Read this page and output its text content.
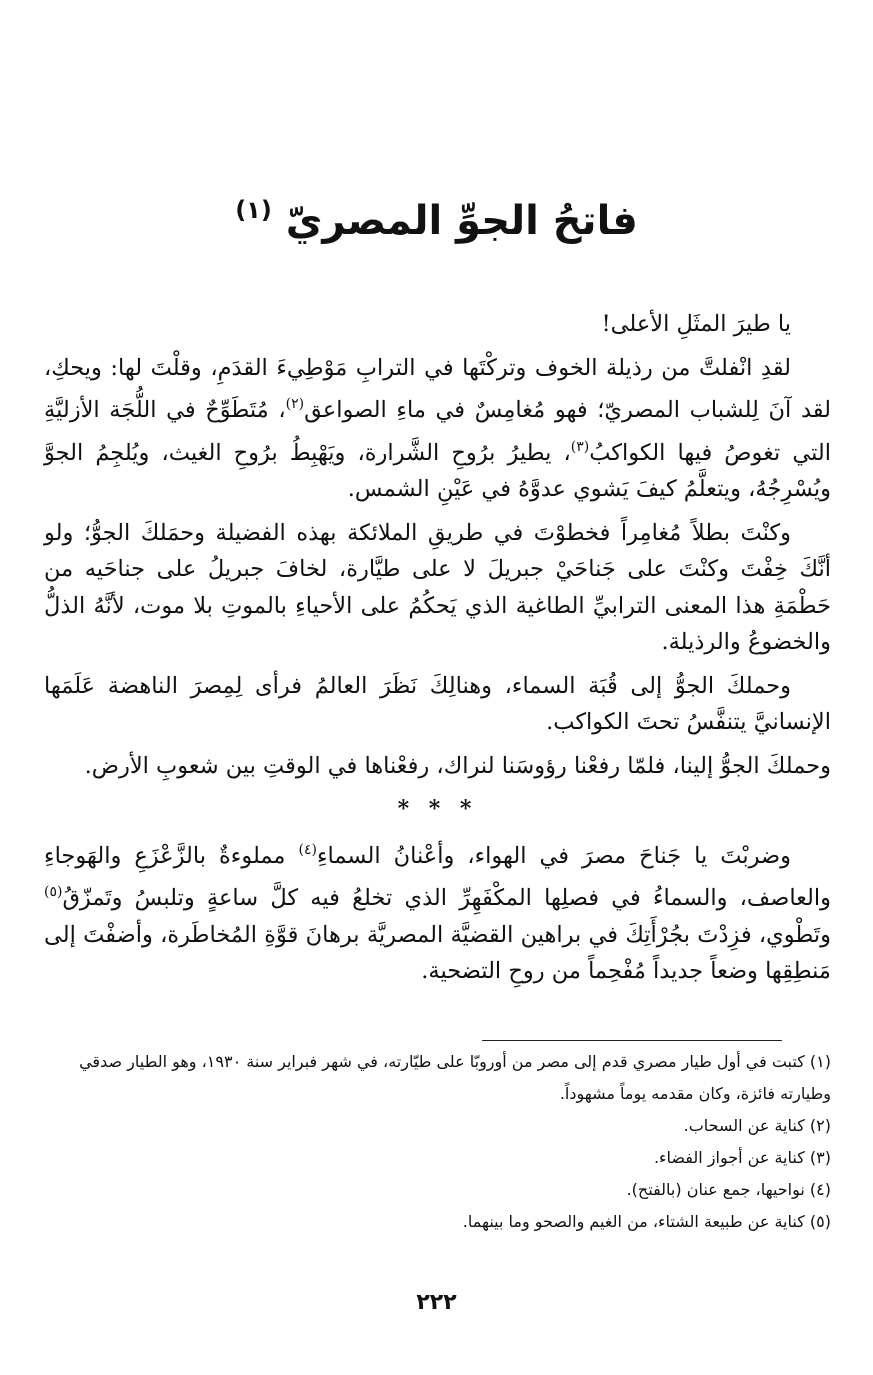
فاتحُ الجوِّ المصريّ $^{(١)}$

يا طيرَ المثَلِ الأعلى!

لقدِ انْفلتَّ من رذيلة الخوف وتركْتَها في الترابِ مَوْطِيءَ القدَمِ، وقلْتَ لها: ويحكِ، لقد آنَ لِلشباب المصريّ؛ فهو مُغامِسٌ في ماءِ الصواعق$^{(٢)}$، مُتَطَوِّحٌ في اللُّجَة الأزليَّةِ التي تغوصُ فيها الكواكبُ$^{(٣)}$، يطيرُ برُوحِ الشَّرارة، ويَهْبِطُ برُوحِ الغيث، ويُلجِمُ الجوَّ ويُسْرِجُهُ، ويتعلَّمُ كيفَ يَشوي عدوَّهُ في عَيْنِ الشمس.

وكنْتَ بطلاً مُغامِراً فخطوْتَ في طريقِ الملائكة بهذه الفضيلة وحمَلكَ الجوُّ؛ ولو أنَّكَ خِفْتَ وكنْتَ على جَناحَيْ جبريلَ لا على طيَّارة، لخافَ جبريلُ على جناحَيه من حَطْمَةِ هذا المعنى الترابيِّ الطاغية الذي يَحكُمُ على الأحياءِ بالموتِ بلا موت، لأنَّهُ الذلُّ والخضوعُ والرذيلة.

وحملكَ الجوُّ إلى قُبَة السماء، وهنالِكَ نَظَرَ العالمُ فرأى لِمِصرَ الناهضة عَلَمَها الإنسانيَّ يتنفَّسُ تحتَ الكواكب.

وحملكَ الجوُّ إلينا، فلمّا رفعْنا رؤوسَنا لنراك، رفعْناها في الوقتِ بين شعوبِ الأرض.

* * *

وضربْتَ يا جَناحَ مصرَ في الهواء، وأعْنانُ السماءِ$^{(٤)}$ مملوءةٌ بالزَّعْزَعِ والهَوجاءِ والعاصف، والسماءُ في فصلِها المكْفَهِرِّ الذي تخلعُ فيه كلَّ ساعةٍ وتلبسُ وتَمزّقُ$^{(٥)}$ وتَطْوي، فزِدْتَ بجُرْأَتِكَ في براهين القضيَّة المصريَّة برهانَ قوَّةِ المُخاطَرة، وأضفْتَ إلى مَنطِقِها وضعاً جديداً مُفْحِماً من روحِ التضحية.

(١) كتبت في أول طيار مصري قدم إلى مصر من أوروبّا على طيّارته، في شهر فبراير سنة ١٩٣٠، وهو الطيار صدقي وطيارته فائزة، وكان مقدمه يوماً مشهوداً.
(٢) كناية عن السحاب.
(٣) كناية عن أجواز الفضاء.
(٤) نواحيها، جمع عنان (بالفتح).
(٥) كناية عن طبيعة الشتاء، من الغيم والصحو وما بينهما.
٢٢٢
